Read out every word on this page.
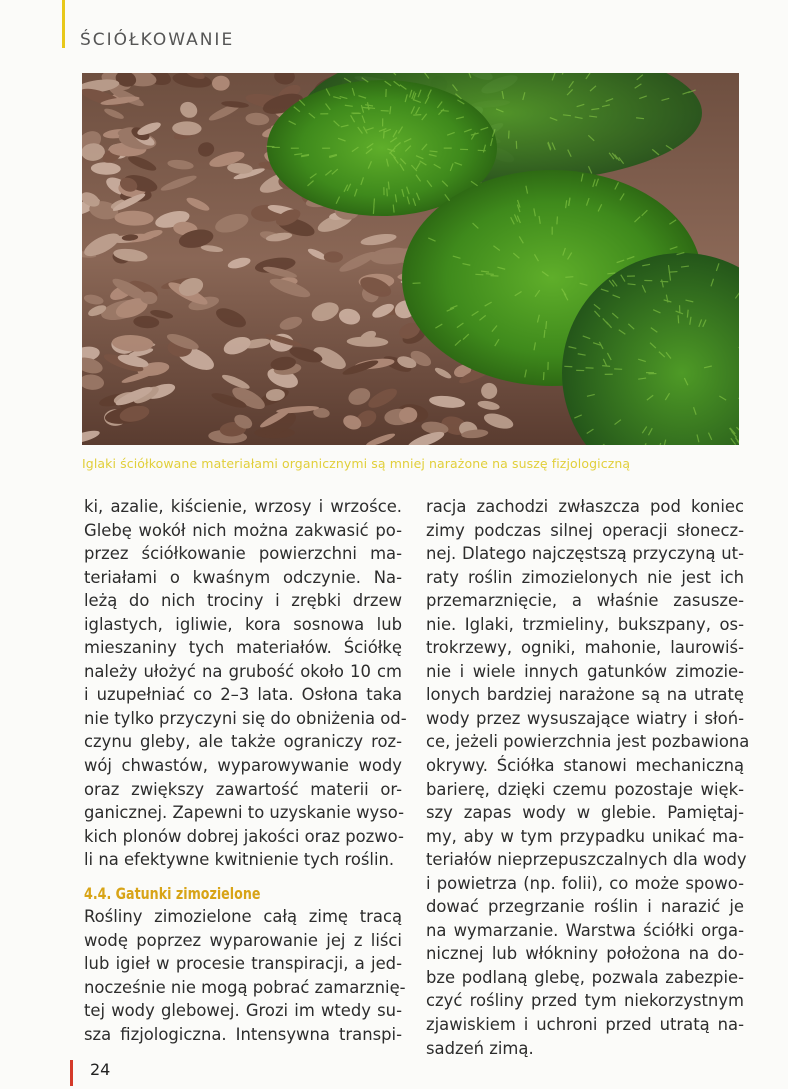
ŚCIÓŁKOWANIE
Iglaki ściółkowane materiałami organicznymi są mniej narażone na suszę fizjologiczną
ki, azalie, kiścienie, wrzosy i wrzośce.
Glebę wokół nich można zakwasić po-
przez ściółkowanie powierzchni ma-
teriałami o kwaśnym odczynie. Na-
leżą do nich trociny i zrębki drzew
iglastych, igliwie, kora sosnowa lub
mieszaniny tych materiałów. Ściółkę
należy ułożyć na grubość około 10 cm
i uzupełniać co 2–3 lata. Osłona taka
nie tylko przyczyni się do obniżenia od-
czynu gleby, ale także ograniczy roz-
wój chwastów, wyparowywanie wody
oraz zwiększy zawartość materii or-
ganicznej. Zapewni to uzyskanie wyso-
kich plonów dobrej jakości oraz pozwo-
li na efektywne kwitnienie tych roślin.
4.4. Gatunki zimozielone
Rośliny zimozielone całą zimę tracą
wodę poprzez wyparowanie jej z liści
lub igieł w procesie transpiracji, a jed-
nocześnie nie mogą pobrać zamarznię-
tej wody glebowej. Grozi im wtedy su-
sza fizjologiczna. Intensywna transpi-
racja zachodzi zwłaszcza pod koniec
zimy podczas silnej operacji słonecz-
nej. Dlatego najczęstszą przyczyną ut-
raty roślin zimozielonych nie jest ich
przemarznięcie, a właśnie zasusze-
nie. Iglaki, trzmieliny, bukszpany, os-
trokrzewy, ogniki, mahonie, laurowiś-
nie i wiele innych gatunków zimozie-
lonych bardziej narażone są na utratę
wody przez wysuszające wiatry i słoń-
ce, jeżeli powierzchnia jest pozbawiona
okrywy. Ściółka stanowi mechaniczną
barierę, dzięki czemu pozostaje więk-
szy zapas wody w glebie. Pamiętaj-
my, aby w tym przypadku unikać ma-
teriałów nieprzepuszczalnych dla wody
i powietrza (np. folii), co może spowo-
dować przegrzanie roślin i narazić je
na wymarzanie. Warstwa ściółki orga-
nicznej lub włókniny położona na do-
bze podlaną glebę, pozwala zabezpie-
czyć rośliny przed tym niekorzystnym
zjawiskiem i uchroni przed utratą na-
sadzeń zimą.
24
